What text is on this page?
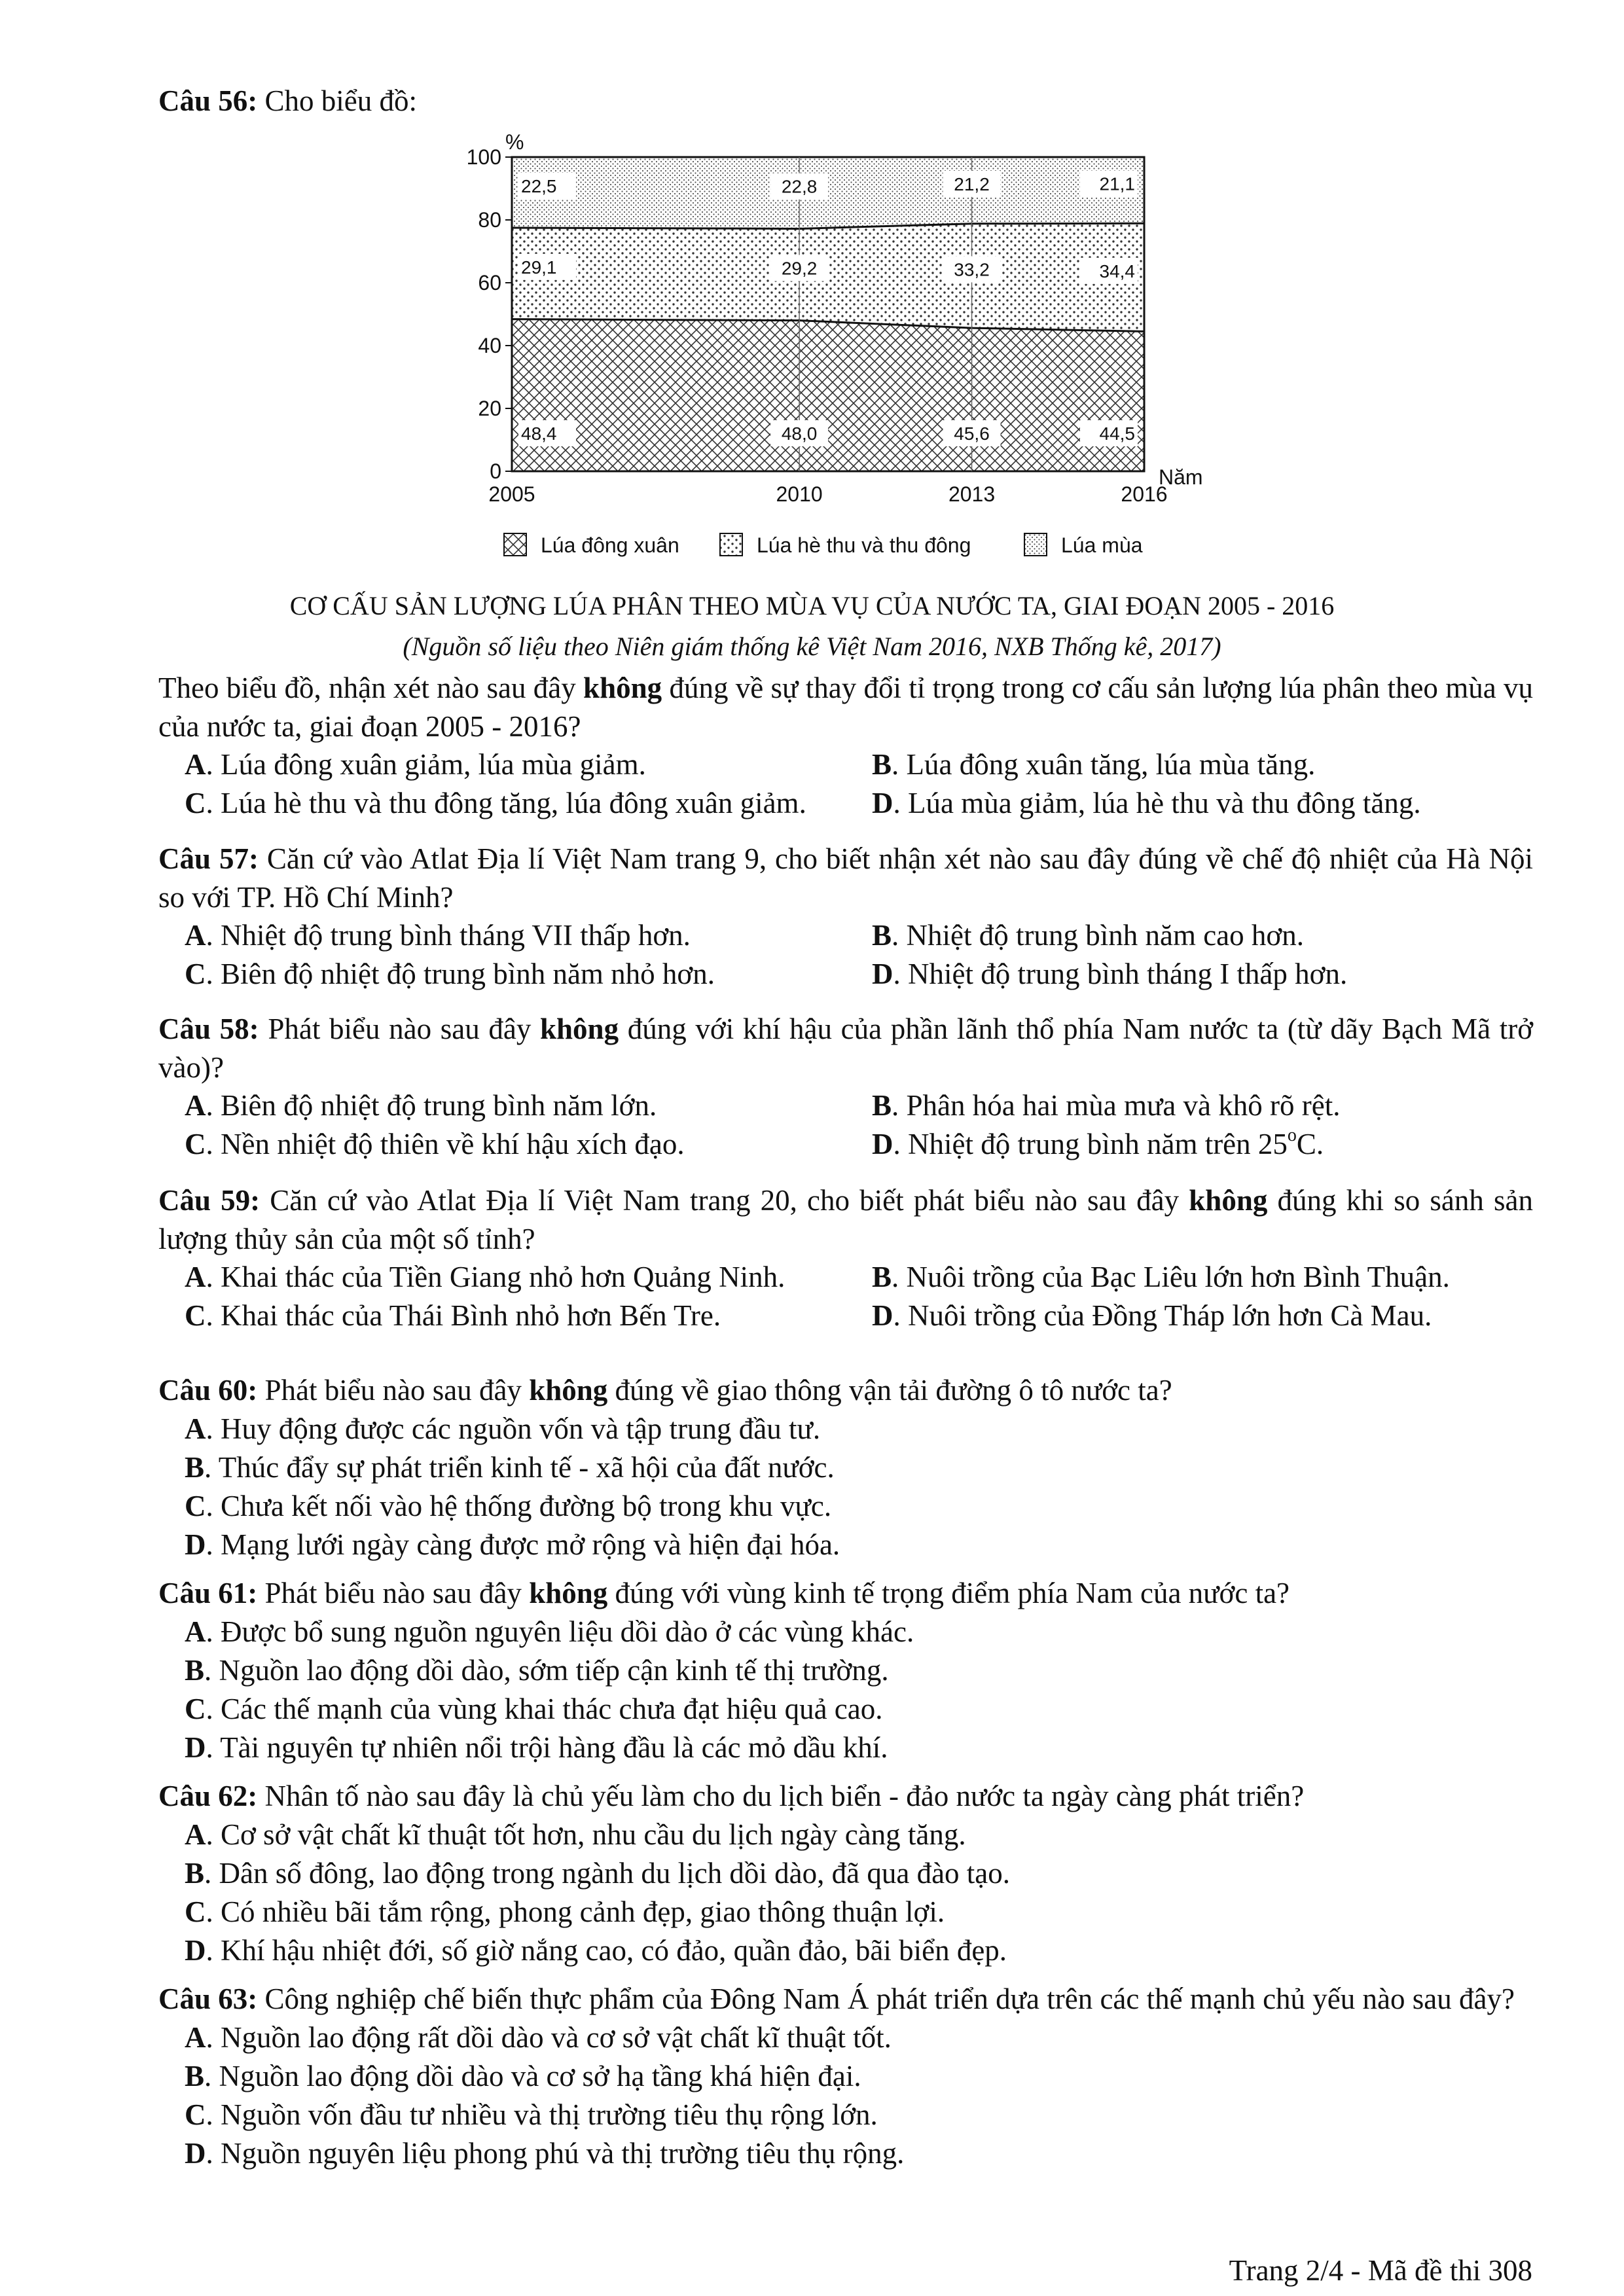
Câu 56: Cho biểu đồ:

0
20
40
60
80
100
%
2005	2010	2013	2016
Năm
48,4	48,0	45,6	44,5
29,1	29,2	33,2	34,4
22,5	22,8	21,2	21,1
Lúa đông xuân	Lúa hè thu và thu đông	Lúa mùa
CƠ CẤU SẢN LƯỢNG LÚA PHÂN THEO MÙA VỤ CỦA NƯỚC TA, GIAI ĐOẠN 2005 - 2016
(Nguồn số liệu theo Niên giám thống kê Việt Nam 2016, NXB Thống kê, 2017)

Theo biểu đồ, nhận xét nào sau đây không đúng về sự thay đổi tỉ trọng trong cơ cấu sản lượng lúa phân theo mùa vụ của nước ta, giai đoạn 2005 - 2016?

A. Lúa đông xuân giảm, lúa mùa giảm.	B. Lúa đông xuân tăng, lúa mùa tăng.
C. Lúa hè thu và thu đông tăng, lúa đông xuân giảm. D. Lúa mùa giảm, lúa hè thu và thu đông tăng.

Câu 57: Căn cứ vào Atlat Địa lí Việt Nam trang 9, cho biết nhận xét nào sau đây đúng về chế độ nhiệt của Hà Nội so với TP. Hồ Chí Minh?

A. Nhiệt độ trung bình tháng VII thấp hơn.	B. Nhiệt độ trung bình năm cao hơn.
C. Biên độ nhiệt độ trung bình năm nhỏ hơn.	D. Nhiệt độ trung bình tháng I thấp hơn.

Câu 58: Phát biểu nào sau đây không đúng với khí hậu của phần lãnh thổ phía Nam nước ta (từ dãy Bạch Mã trở vào)?

A. Biên độ nhiệt độ trung bình năm lớn.	B. Phân hóa hai mùa mưa và khô rõ rệt.
C. Nền nhiệt độ thiên về khí hậu xích đạo.	D. Nhiệt độ trung bình năm trên 25$^o$C.

Câu 59: Căn cứ vào Atlat Địa lí Việt Nam trang 20, cho biết phát biểu nào sau đây không đúng khi so sánh sản lượng thủy sản của một số tỉnh?

A. Khai thác của Tiền Giang nhỏ hơn Quảng Ninh.	B. Nuôi trồng của Bạc Liêu lớn hơn Bình Thuận.
C. Khai thác của Thái Bình nhỏ hơn Bến Tre.	D. Nuôi trồng của Đồng Tháp lớn hơn Cà Mau.

Câu 60: Phát biểu nào sau đây không đúng về giao thông vận tải đường ô tô nước ta?

A. Huy động được các nguồn vốn và tập trung đầu tư.
B. Thúc đẩy sự phát triển kinh tế - xã hội của đất nước.
C. Chưa kết nối vào hệ thống đường bộ trong khu vực.
D. Mạng lưới ngày càng được mở rộng và hiện đại hóa.

Câu 61: Phát biểu nào sau đây không đúng với vùng kinh tế trọng điểm phía Nam của nước ta?

A. Được bổ sung nguồn nguyên liệu dồi dào ở các vùng khác.
B. Nguồn lao động dồi dào, sớm tiếp cận kinh tế thị trường.
C. Các thế mạnh của vùng khai thác chưa đạt hiệu quả cao.
D. Tài nguyên tự nhiên nổi trội hàng đầu là các mỏ dầu khí.

Câu 62: Nhân tố nào sau đây là chủ yếu làm cho du lịch biển - đảo nước ta ngày càng phát triển?

A. Cơ sở vật chất kĩ thuật tốt hơn, nhu cầu du lịch ngày càng tăng.
B. Dân số đông, lao động trong ngành du lịch dồi dào, đã qua đào tạo.
C. Có nhiều bãi tắm rộng, phong cảnh đẹp, giao thông thuận lợi.
D. Khí hậu nhiệt đới, số giờ nắng cao, có đảo, quần đảo, bãi biển đẹp.

Câu 63: Công nghiệp chế biến thực phẩm của Đông Nam Á phát triển dựa trên các thế mạnh chủ yếu nào sau đây?

A. Nguồn lao động rất dồi dào và cơ sở vật chất kĩ thuật tốt.
B. Nguồn lao động dồi dào và cơ sở hạ tầng khá hiện đại.
C. Nguồn vốn đầu tư nhiều và thị trường tiêu thụ rộng lớn.
D. Nguồn nguyên liệu phong phú và thị trường tiêu thụ rộng.
Trang 2/4 - Mã đề thi 308
